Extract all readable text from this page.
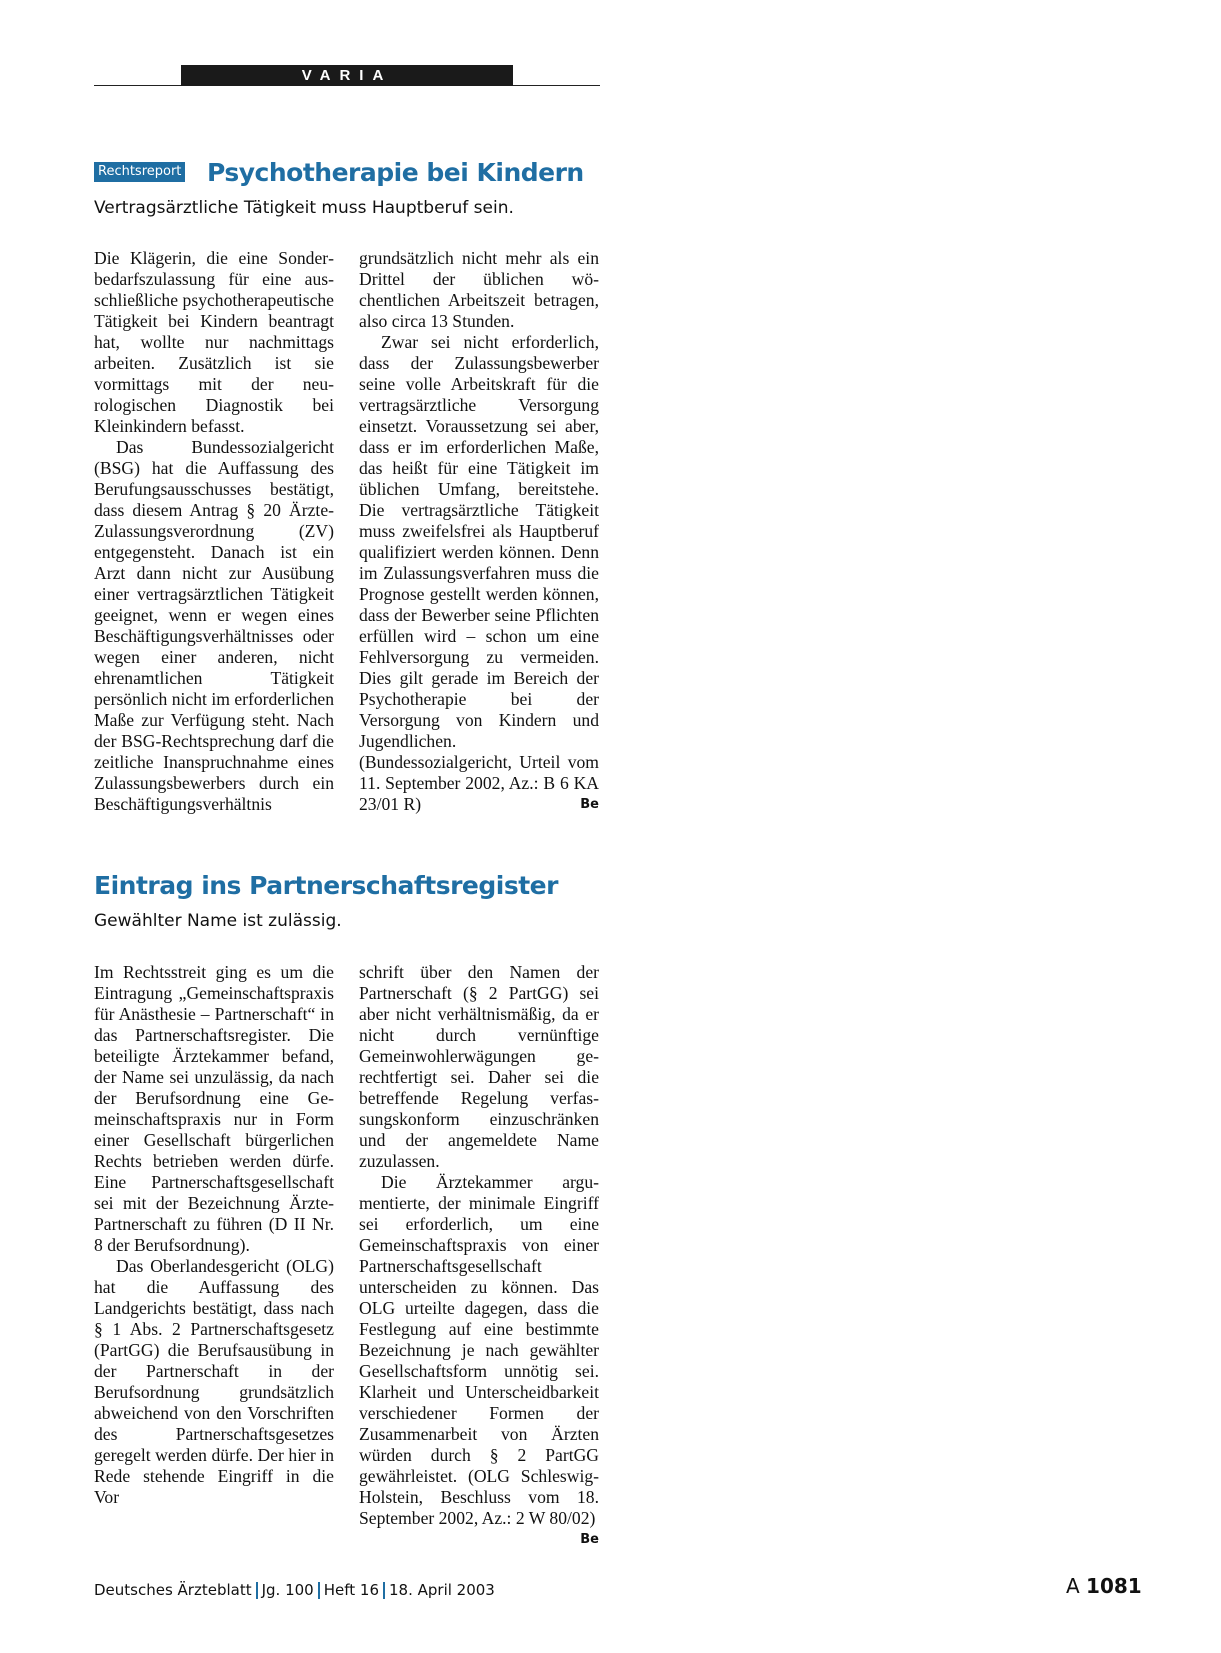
VARIA
Rechtsreport Psychotherapie bei Kindern
Vertragsärztliche Tätigkeit muss Hauptberuf sein.

Die Klägerin, die eine Sonderbedarfszulassung für eine ausschließliche psychotherapeutische Tätigkeit bei Kindern beantragt hat, wollte nur nachmittags arbeiten. Zusätzlich ist sie vormittags mit der neurologischen Diagnostik bei Kleinkindern befasst.

Das Bundessozialgericht (BSG) hat die Auffassung des Berufungsausschusses bestätigt, dass diesem Antrag § 20 Ärzte-Zulassungsverordnung (ZV) entgegensteht. Danach ist ein Arzt dann nicht zur Ausübung einer vertragsärztlichen Tätigkeit geeignet, wenn er wegen eines Beschäftigungsverhältnisses oder wegen einer anderen, nicht ehrenamtlichen Tätigkeit persönlich nicht im erforderlichen Maße zur Verfügung steht. Nach der BSG-Rechtsprechung darf die zeitliche Inanspruchnahme eines Zulassungsbewerbers durch ein Beschäftigungsverhältnis

grundsätzlich nicht mehr als ein Drittel der üblichen wöchentlichen Arbeitszeit betragen, also circa 13 Stunden.

Zwar sei nicht erforderlich, dass der Zulassungsbewerber seine volle Arbeitskraft für die vertragsärztliche Versorgung einsetzt. Voraussetzung sei aber, dass er im erforderlichen Maße, das heißt für eine Tätigkeit im üblichen Umfang, bereitstehe. Die vertragsärztliche Tätigkeit muss zweifelsfrei als Hauptberuf qualifiziert werden können. Denn im Zulassungsverfahren muss die Prognose gestellt werden können, dass der Bewerber seine Pflichten erfüllen wird – schon um eine Fehlversorgung zu vermeiden. Dies gilt gerade im Bereich der Psychotherapie bei der Versorgung von Kindern und Jugendlichen. (Bundessozialgericht, Urteil vom 11. September 2002, Az.: B 6 KA 23/01 R)	Be

Eintrag ins Partnerschaftsregister
Gewählter Name ist zulässig.

Im Rechtsstreit ging es um die Eintragung „Gemeinschaftspraxis für Anästhesie – Partnerschaft“ in das Partnerschaftsregister. Die beteiligte Ärztekammer befand, der Name sei unzulässig, da nach der Berufsordnung eine Gemeinschaftspraxis nur in Form einer Gesellschaft bürgerlichen Rechts betrieben werden dürfe. Eine Partnerschaftsgesellschaft sei mit der Bezeichnung Ärzte-Partnerschaft zu führen (D II Nr. 8 der Berufsordnung).

Das Oberlandesgericht (OLG) hat die Auffassung des Landgerichts bestätigt, dass nach § 1 Abs. 2 Partnerschaftsgesetz (PartGG) die Berufsausübung in der Partnerschaft in der Berufsordnung grundsätzlich abweichend von den Vorschriften des Partnerschaftsgesetzes geregelt werden dürfe. Der hier in Rede stehende Eingriff in die Vor

schrift über den Namen der Partnerschaft (§ 2 PartGG) sei aber nicht verhältnismäßig, da er nicht durch vernünftige Gemeinwohlerwägungen gerechtfertigt sei. Daher sei die betreffende Regelung verfassungskonform einzuschränken und der angemeldete Name zuzulassen.

Die Ärztekammer argumentierte, der minimale Eingriff sei erforderlich, um eine Gemeinschaftspraxis von einer Partnerschaftsgesellschaft unterscheiden zu können. Das OLG urteilte dagegen, dass die Festlegung auf eine bestimmte Bezeichnung je nach gewählter Gesellschaftsform unnötig sei. Klarheit und Unterscheidbarkeit verschiedener Formen der Zusammenarbeit von Ärzten würden durch § 2 PartGG gewährleistet. (OLG Schleswig-Holstein, Beschluss vom 18. September 2002, Az.: 2 W 80/02)
Be

Deutsches Ärzteblatt Jg. 100 Heft 16 18. April 2003	A 1081
